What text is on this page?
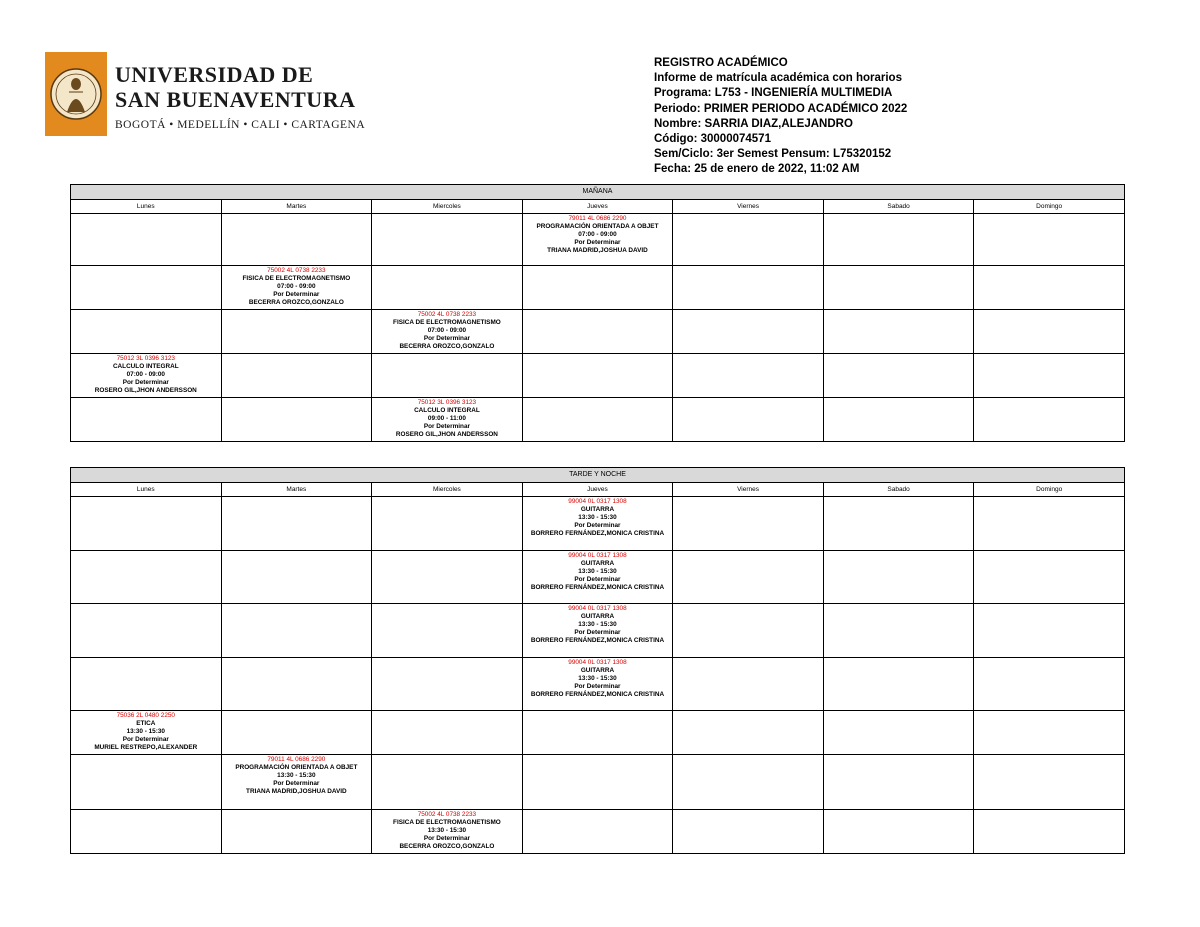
UNIVERSIDAD DE
SAN BUENAVENTURA
BOGOTÁ • MEDELLÍN • CALI • CARTAGENA
REGISTRO ACADÉMICO
Informe de matrícula académica con horarios
Programa: L753 - INGENIERÍA MULTIMEDIA
Periodo: PRIMER PERIODO ACADÉMICO 2022
Nombre: SARRIA DIAZ,ALEJANDRO
Código: 30000074571
Sem/Ciclo: 3er Semest Pensum: L75320152
Fecha: 25 de enero de 2022, 11:02 AM
MAÑANA						
Lunes	Martes	Miercoles	Jueves	Viernes	Sabado	Domingo

			79011 4L 0686 2290
PROGRAMACIÓN ORIENTADA A OBJET
07:00 - 09:00
Por Determinar
TRIANA MADRID,JOSHUA DAVID			

	75002 4L 0738 2233
FISICA DE ELECTROMAGNETISMO
07:00 - 09:00
Por Determinar
BECERRA OROZCO,GONZALO					

		75002 4L 0738 2233
FISICA DE ELECTROMAGNETISMO
07:00 - 09:00
Por Determinar
BECERRA OROZCO,GONZALO				

75012 3L 0396 3123
CALCULO INTEGRAL
07:00 - 09:00
Por Determinar
ROSERO GIL,JHON ANDERSSON						

		75012 3L 0396 3123
CALCULO INTEGRAL
09:00 - 11:00
Por Determinar
ROSERO GIL,JHON ANDERSSON				

TARDE Y NOCHE						
Lunes	Martes	Miercoles	Jueves	Viernes	Sabado	Domingo

			99004 0L 0317 1308
GUITARRA
13:30 - 15:30
Por Determinar
BORRERO FERNÁNDEZ,MONICA CRISTINA			

			99004 0L 0317 1308
GUITARRA
13:30 - 15:30
Por Determinar
BORRERO FERNÁNDEZ,MONICA CRISTINA			

			99004 0L 0317 1308
GUITARRA
13:30 - 15:30
Por Determinar
BORRERO FERNÁNDEZ,MONICA CRISTINA			

			99004 0L 0317 1308
GUITARRA
13:30 - 15:30
Por Determinar
BORRERO FERNÁNDEZ,MONICA CRISTINA			

75036 2L 0480 2250
ETICA
13:30 - 15:30
Por Determinar
MURIEL RESTREPO,ALEXANDER						

	79011 4L 0686 2290
PROGRAMACIÓN ORIENTADA A OBJET
13:30 - 15:30
Por Determinar
TRIANA MADRID,JOSHUA DAVID					

		75002 4L 0738 2233
FISICA DE ELECTROMAGNETISMO
13:30 - 15:30
Por Determinar
BECERRA OROZCO,GONZALO				
